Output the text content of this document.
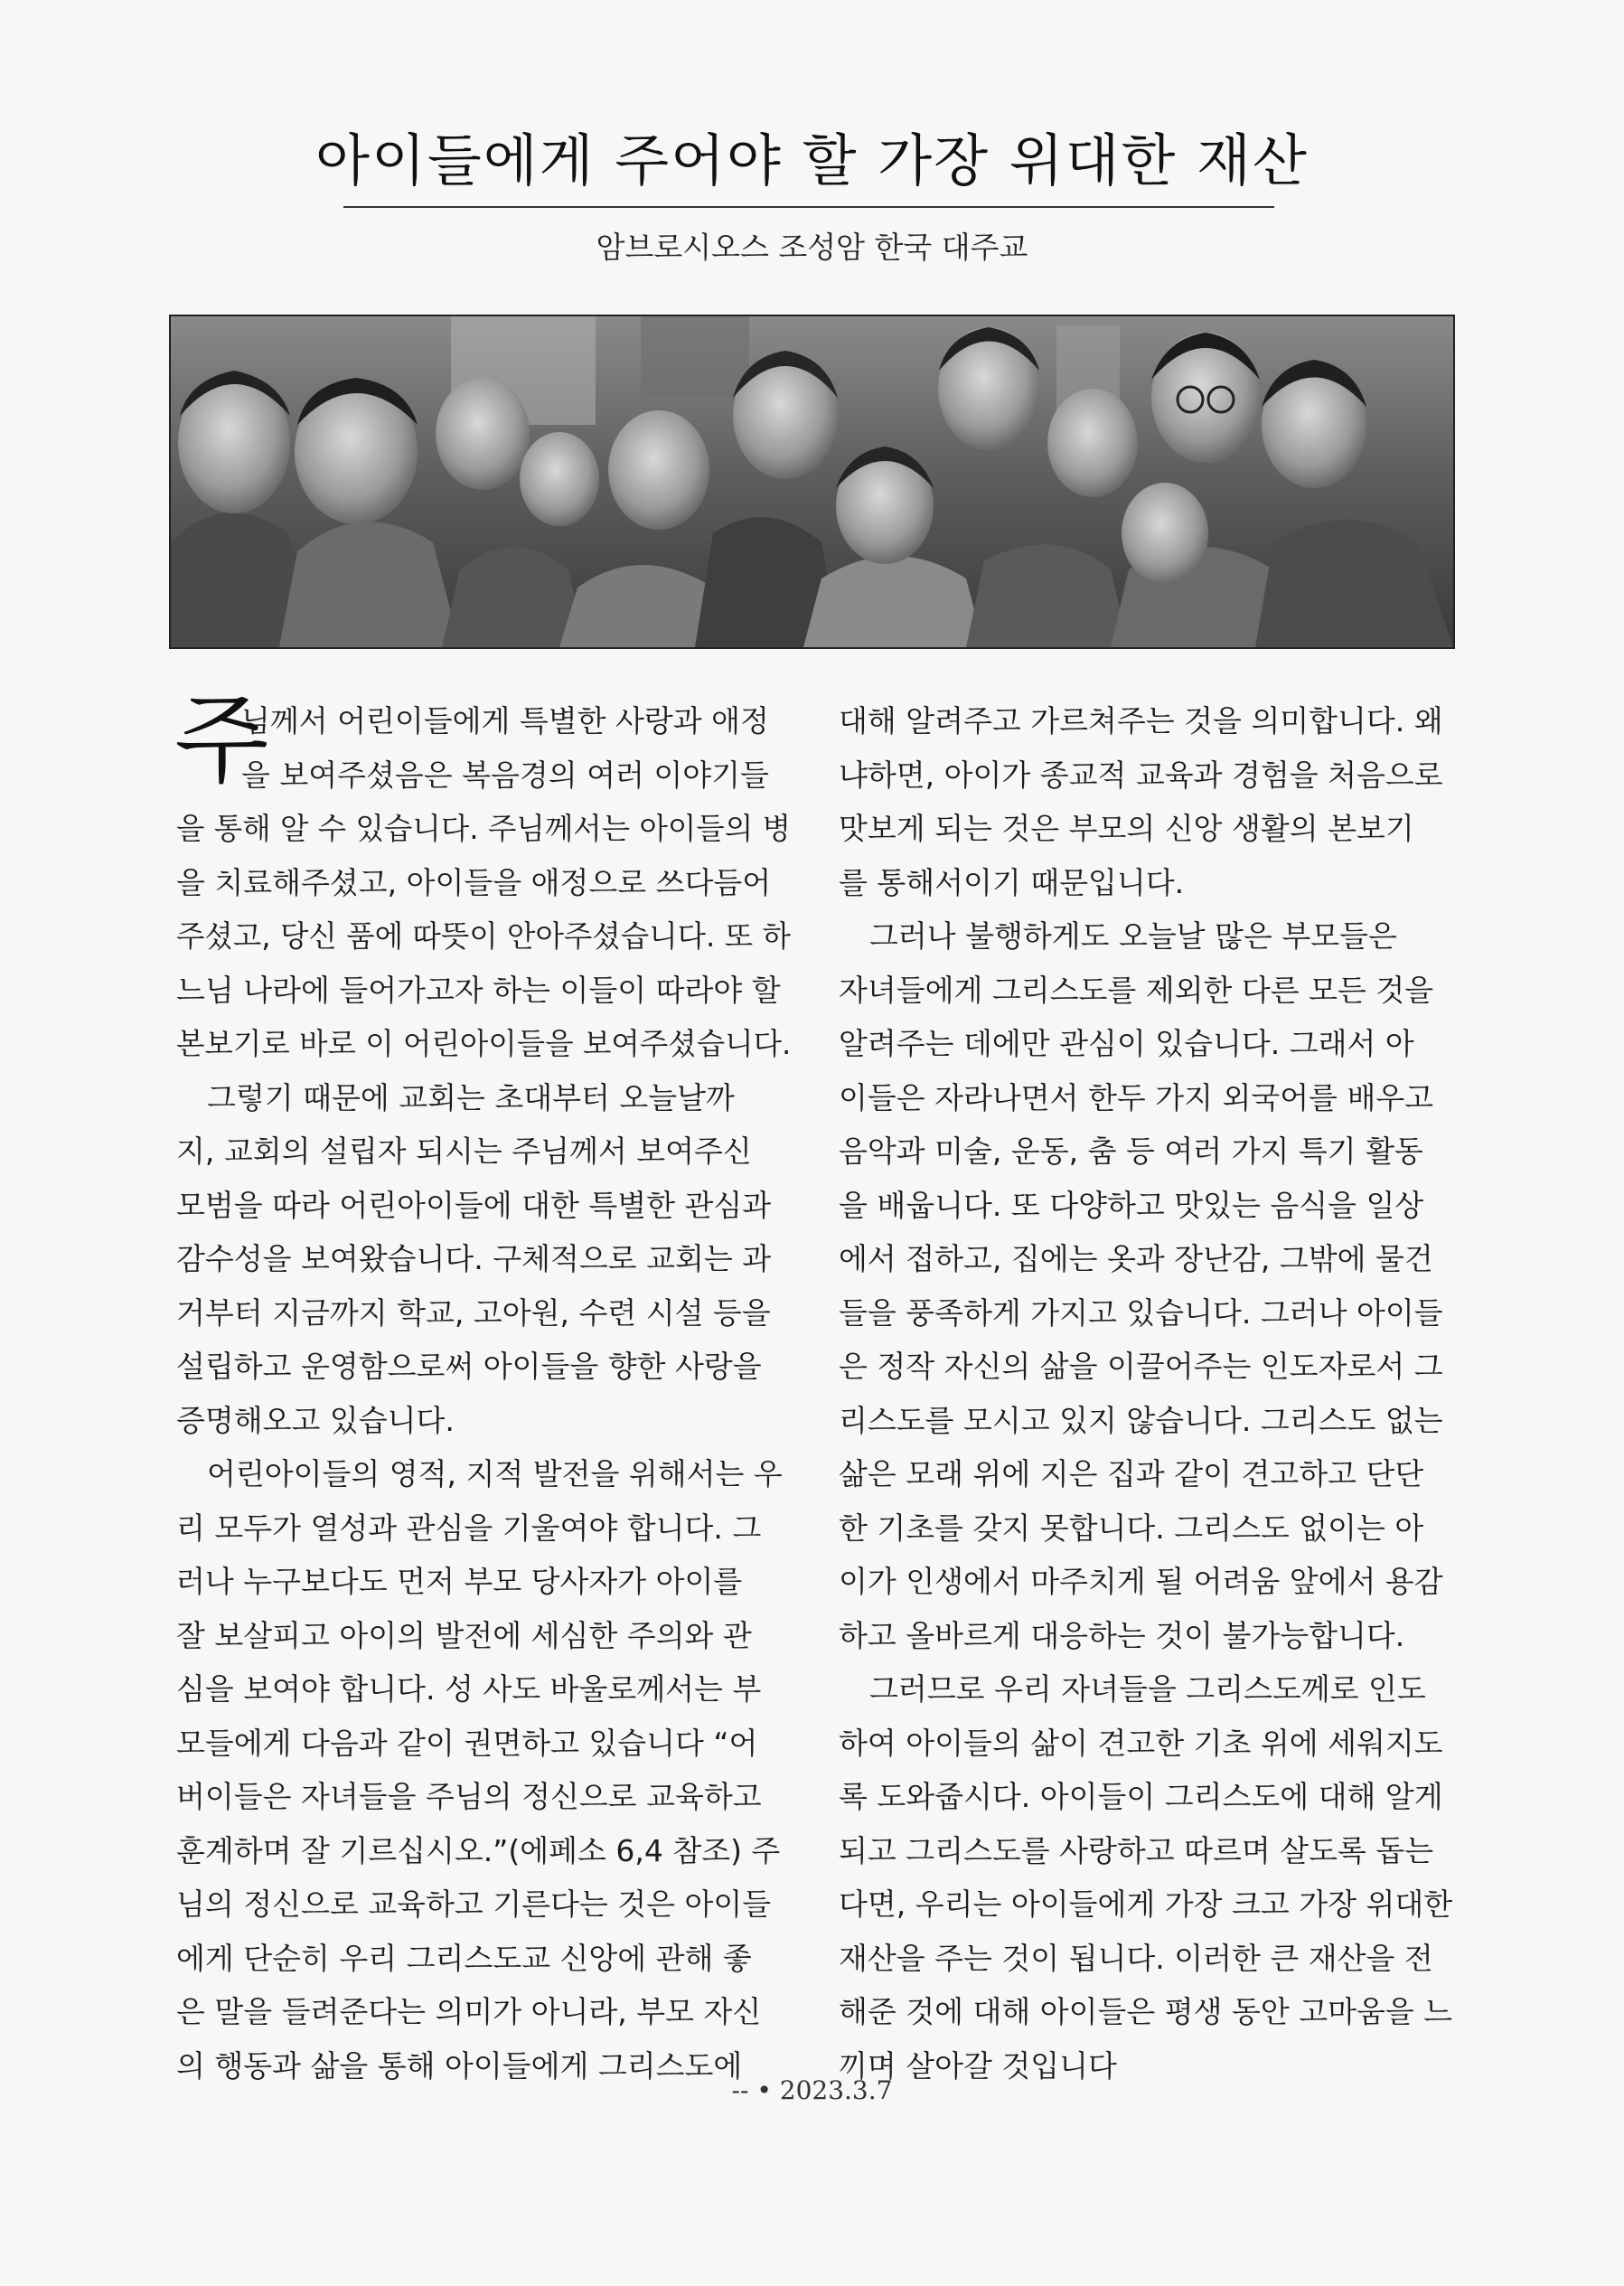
아이들에게 주어야 할 가장 위대한 재산
암브로시오스 조성암 한국 대주교
주
님께서 어린이들에게 특별한 사랑과 애정
을 보여주셨음은 복음경의 여러 이야기들
을 통해 알 수 있습니다. 주님께서는 아이들의 병
을 치료해주셨고, 아이들을 애정으로 쓰다듬어
주셨고, 당신 품에 따뜻이 안아주셨습니다. 또 하
느님 나라에 들어가고자 하는 이들이 따라야 할
본보기로 바로 이 어린아이들을 보여주셨습니다.
그렇기 때문에 교회는 초대부터 오늘날까
지, 교회의 설립자 되시는 주님께서 보여주신
모범을 따라 어린아이들에 대한 특별한 관심과
감수성을 보여왔습니다. 구체적으로 교회는 과
거부터 지금까지 학교, 고아원, 수련 시설 등을
설립하고 운영함으로써 아이들을 향한 사랑을
증명해오고 있습니다.
어린아이들의 영적, 지적 발전을 위해서는 우
리 모두가 열성과 관심을 기울여야 합니다. 그
러나 누구보다도 먼저 부모 당사자가 아이를
잘 보살피고 아이의 발전에 세심한 주의와 관
심을 보여야 합니다. 성 사도 바울로께서는 부
모들에게 다음과 같이 권면하고 있습니다 “어
버이들은 자녀들을 주님의 정신으로 교육하고
훈계하며 잘 기르십시오.”(에페소 6,4 참조) 주
님의 정신으로 교육하고 기른다는 것은 아이들
에게 단순히 우리 그리스도교 신앙에 관해 좋
은 말을 들려준다는 의미가 아니라, 부모 자신
의 행동과 삶을 통해 아이들에게 그리스도에
대해 알려주고 가르쳐주는 것을 의미합니다. 왜
냐하면, 아이가 종교적 교육과 경험을 처음으로
맛보게 되는 것은 부모의 신앙 생활의 본보기
를 통해서이기 때문입니다.
그러나 불행하게도 오늘날 많은 부모들은
자녀들에게 그리스도를 제외한 다른 모든 것을
알려주는 데에만 관심이 있습니다. 그래서 아
이들은 자라나면서 한두 가지 외국어를 배우고
음악과 미술, 운동, 춤 등 여러 가지 특기 활동
을 배웁니다. 또 다양하고 맛있는 음식을 일상
에서 접하고, 집에는 옷과 장난감, 그밖에 물건
들을 풍족하게 가지고 있습니다. 그러나 아이들
은 정작 자신의 삶을 이끌어주는 인도자로서 그
리스도를 모시고 있지 않습니다. 그리스도 없는
삶은 모래 위에 지은 집과 같이 견고하고 단단
한 기초를 갖지 못합니다. 그리스도 없이는 아
이가 인생에서 마주치게 될 어려움 앞에서 용감
하고 올바르게 대응하는 것이 불가능합니다.
그러므로 우리 자녀들을 그리스도께로 인도
하여 아이들의 삶이 견고한 기초 위에 세워지도
록 도와줍시다. 아이들이 그리스도에 대해 알게
되고 그리스도를 사랑하고 따르며 살도록 돕는
다면, 우리는 아이들에게 가장 크고 가장 위대한
재산을 주는 것이 됩니다. 이러한 큰 재산을 전
해준 것에 대해 아이들은 평생 동안 고마움을 느
끼며 살아갈 것입니다
-- • 2023.3.7
